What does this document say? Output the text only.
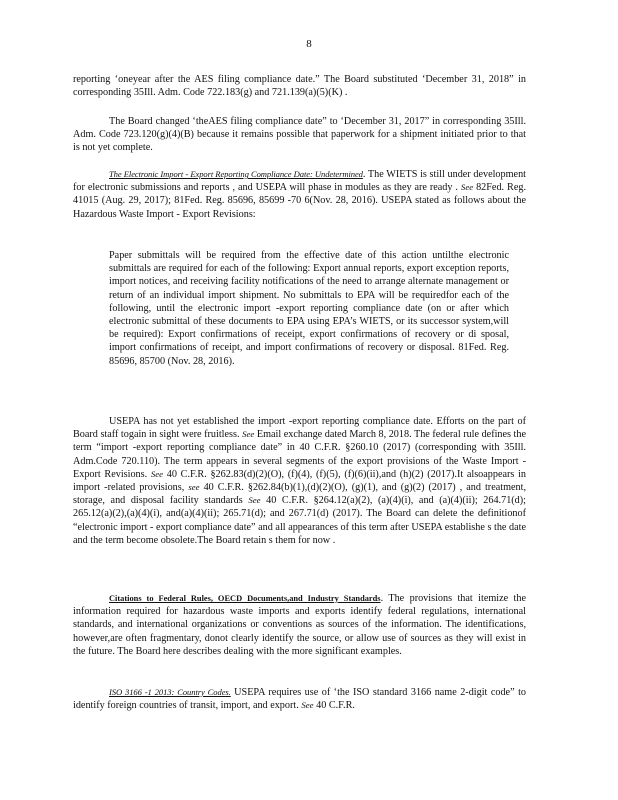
8

reporting ‘oneyear after the AES filing compliance date.” The Board substituted ‘December 31, 2018” in corresponding 35Ill. Adm. Code 722.183(g) and 721.139(a)(5)(K) .

The Board changed ‘theAES filing compliance date” to ‘December 31, 2017” in corresponding 35Ill. Adm. Code 723.120(g)(4)(B) because it remains possible that paperwork for a shipment initiated prior to that is not yet complete.

The Electronic Import - Export Reporting Compliance Date: Undetermined. The WIETS is still under development for electronic submissions and reports , and USEPA will phase in modules as they are ready . See 82Fed. Reg. 41015 (Aug. 29, 2017); 81Fed. Reg. 85696, 85699 -70 6(Nov. 28, 2016). USEPA stated as follows about the Hazardous Waste Import - Export Revisions:

Paper submittals will be required from the effective date of this action untilthe electronic submittals are required for each of the following: Export annual reports, export exception reports, import notices, and receiving facility notifications of the need to arrange alternate management or return of an individual import shipment. No submittals to EPA will be requiredfor each of the following, until the electronic import -export reporting compliance date (on or after which electronic submittal of these documents to EPA using EPA’s WIETS, or its successor system,will be required): Export confirmations of receipt, export confirmations of recovery or di sposal, import confirmations of receipt, and import confirmations of recovery or disposal. 81Fed. Reg. 85696, 85700 (Nov. 28, 2016).

USEPA has not yet established the import -export reporting compliance date. Efforts on the part of Board staff togain in sight were fruitless. See Email exchange dated March 8, 2018. The federal rule defines the term “import -export reporting compliance date” in 40 C.F.R. §260.10 (2017) (corresponding with 35Ill. Adm.Code 720.110). The term appears in several segments of the export provisions of the Waste Import - Export Revisions. See 40 C.F.R. §262.83(d)(2)(O), (f)(4), (f)(5), (f)(6)(ii),and (h)(2) (2017).It alsoappears in import -related provisions, see 40 C.F.R. §262.84(b)(1),(d)(2)(O), (g)(1), and (g)(2) (2017) , and treatment, storage, and disposal facility standards See 40 C.F.R. §264.12(a)(2), (a)(4)(i), and (a)(4)(ii); 264.71(d); 265.12(a)(2),(a)(4)(i), and(a)(4)(ii); 265.71(d); and 267.71(d) (2017). The Board can delete the definitionof “electronic import - export compliance date” and all appearances of this term after USEPA establishe s the date and the term become obsolete.The Board retain s them for now .

Citations to Federal Rules, OECD Documents,and Industry Standards. The provisions that itemize the information required for hazardous waste imports and exports identify federal regulations, international standards, and international organizations or conventions as sources of the information. The identifications, however,are often fragmentary, donot clearly identify the source, or allow use of sources as they will exist in the future. The Board here describes dealing with the more significant examples.

ISO 3166 -1 2013: Country Codes. USEPA requires use of ‘the ISO standard 3166 name 2-digit code” to identify foreign countries of transit, import, and export. See 40 C.F.R.
